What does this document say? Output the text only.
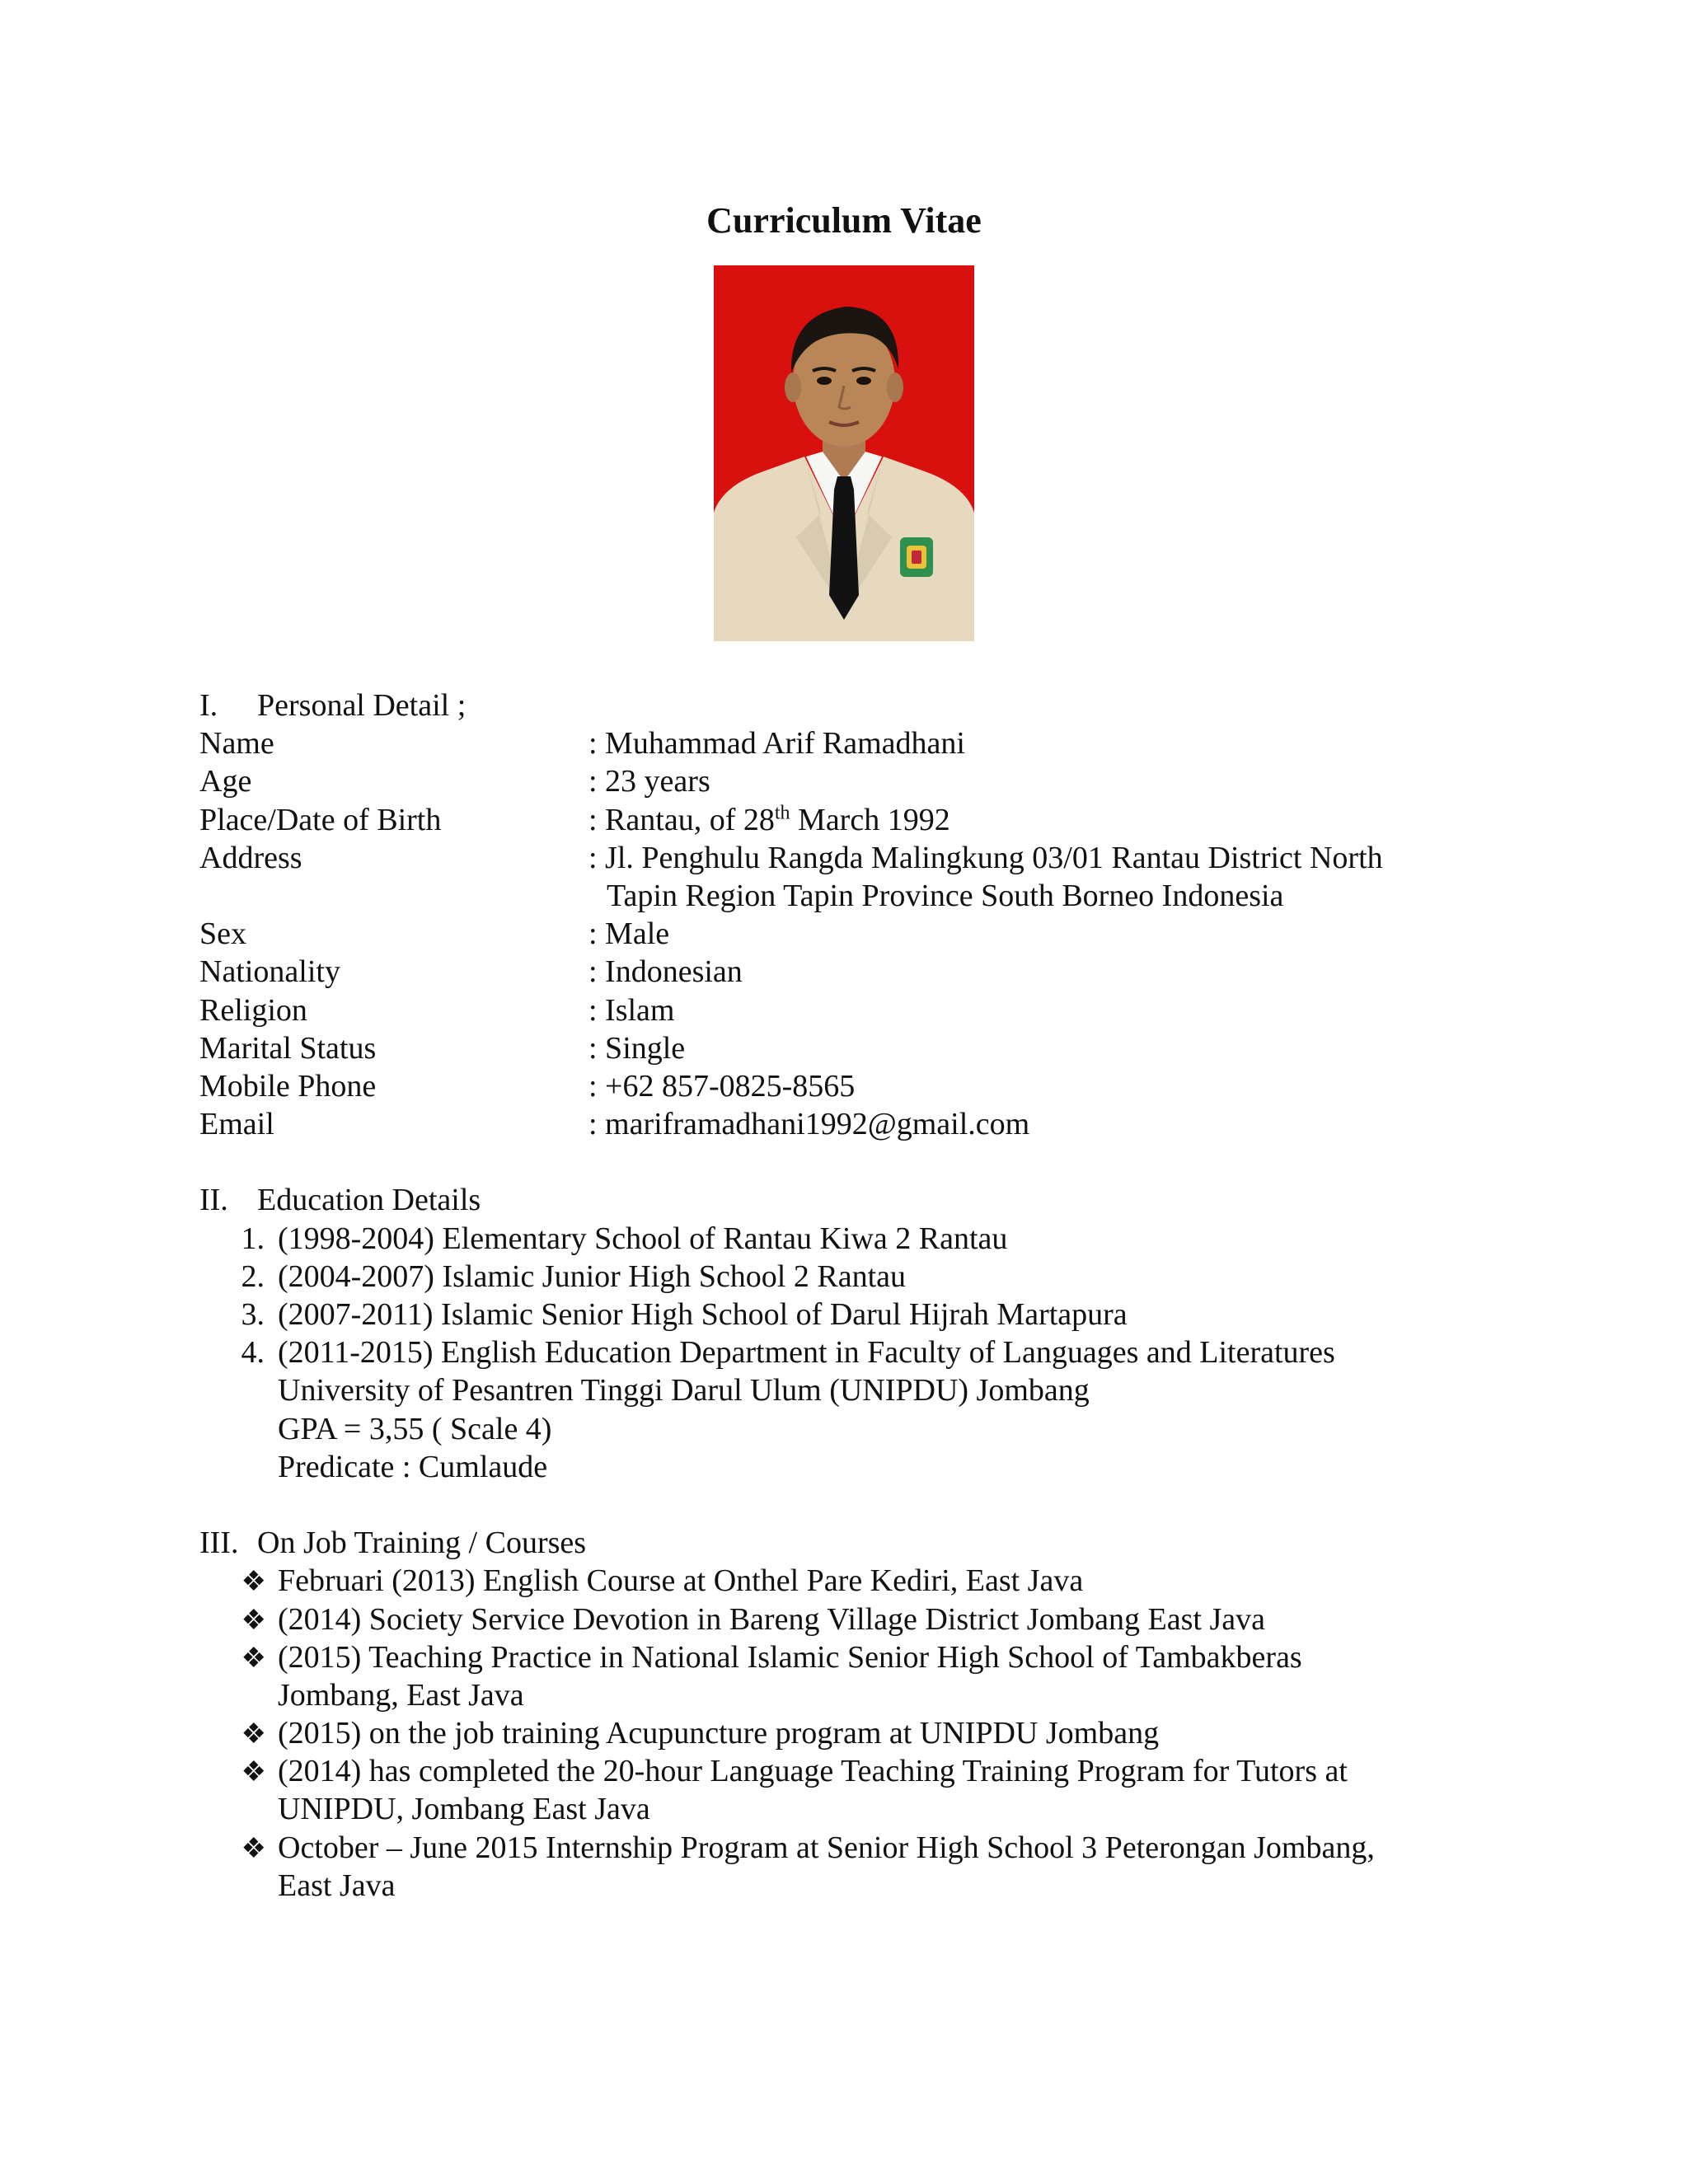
Curriculum Vitae
I. Personal Detail ;
Name	: Muhammad Arif Ramadhani
Age	: 23 years
Place/Date of Birth	: Rantau, of 28th March 1992
Address	: Jl. Penghulu Rangda Malingkung 03/01 Rantau District North
Tapin Region Tapin Province South Borneo Indonesia
Sex	: Male
Nationality	: Indonesian
Religion	: Islam
Marital Status	: Single
Mobile Phone	: +62 857-0825-8565
Email	: mariframadhani1992@gmail.com
II. Education Details
1. (1998-2004) Elementary School of Rantau Kiwa 2 Rantau
2. (2004-2007) Islamic Junior High School 2 Rantau
3. (2007-2011) Islamic Senior High School of Darul Hijrah Martapura
4. (2011-2015) English Education Department in Faculty of Languages and Literatures
University of Pesantren Tinggi Darul Ulum (UNIPDU) Jombang
GPA = 3,55 ( Scale 4)
Predicate : Cumlaude
III. On Job Training / Courses
❖ Februari (2013) English Course at Onthel Pare Kediri, East Java
❖ (2014) Society Service Devotion in Bareng Village District Jombang East Java
❖ (2015) Teaching Practice in National Islamic Senior High School of Tambakberas
Jombang, East Java
❖ (2015) on the job training Acupuncture program at UNIPDU Jombang
❖ (2014) has completed the 20-hour Language Teaching Training Program for Tutors at
UNIPDU, Jombang East Java
❖ October – June 2015 Internship Program at Senior High School 3 Peterongan Jombang,
East Java
